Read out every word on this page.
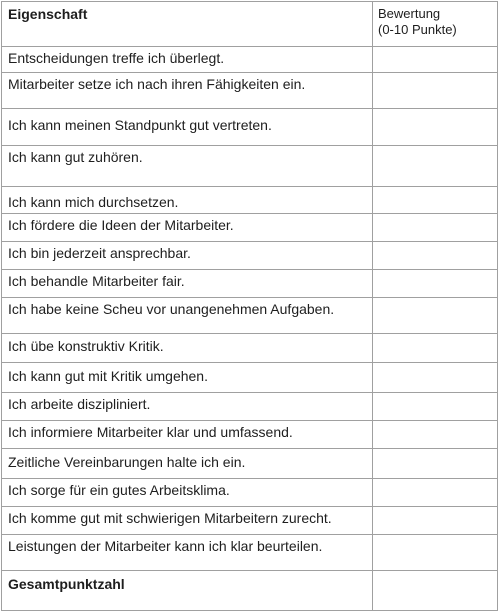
Eigenschaft	Bewertung
(0-10 Punkte)
Entscheidungen treffe ich überlegt.	
Mitarbeiter setze ich nach ihren Fähigkeiten ein.	
Ich kann meinen Standpunkt gut vertreten.	
Ich kann gut zuhören.	
Ich kann mich durchsetzen.	
Ich fördere die Ideen der Mitarbeiter.	
Ich bin jederzeit ansprechbar.	
Ich behandle Mitarbeiter fair.	
Ich habe keine Scheu vor unangenehmen Aufgaben.	
Ich übe konstruktiv Kritik.	
Ich kann gut mit Kritik umgehen.	
Ich arbeite diszipliniert.	
Ich informiere Mitarbeiter klar und umfassend.	
Zeitliche Vereinbarungen halte ich ein.	
Ich sorge für ein gutes Arbeitsklima.	
Ich komme gut mit schwierigen Mitarbeitern zurecht.	
Leistungen der Mitarbeiter kann ich klar beurteilen.	
Gesamtpunktzahl	
